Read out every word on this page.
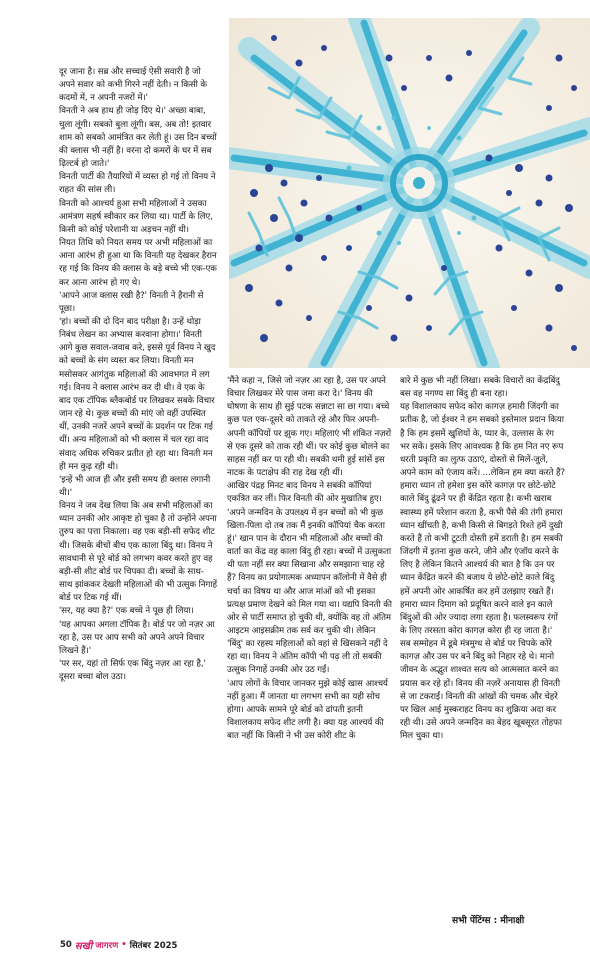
दूर जाना है। सब्र और सच्चाई ऐसी सवारी है जो अपने सवार को कभी गिरने नहीं देती। न किसी के कदमों में, न अपनी नजरों में।'

विनती ने अब हाथ ही जोड़ दिए थे।' अच्छा बाबा, चुला लूंगी। सबको बुला लूंगी। बस, अब तो! इतवार शाम को सबको आमंत्रित कर लेती हूं। उस दिन बच्चों की क्लास भी नहीं है। वरना दो कमरों के घर में सब ढ़िल्टर्ब हो जाते।'

विनती पार्टी की तैयारियों में व्यस्त हो गई तो विनय ने राहत की सांस ली।

विनती को आश्चर्य हुआ सभी महिलाओं ने उसका आमंत्रण सहर्ष स्वीकार कर लिया था। पार्टी के लिए, किसी को कोई परेशानी या अड़चन नहीं थी।

नियत तिथि को नियत समय पर अभी महिलाओं का आना आरंभ ही हुआ था कि विनती यह देखकर हैरान रह गई कि विनय की क्लास के बड़े बच्चे भी एक-एक कर आना आरंभ हो गए थे।

'आपने आज क्लास रखी है?' विनती ने हैरानी से पूछा।

'हां। बच्चों की दो दिन बाद परीक्षा है। उन्हें थोड़ा निबंध लेखन का अभ्यास करवाना होगा।' विनती आगे कुछ सवाल-जवाब करे, इससे पूर्व विनय ने खुद को बच्चों के संग व्यस्त कर लिया। विनती मन मसोसकर आगंतुक महिलाओं की आवभगत में लग गई। विनय ने क्लास आरंभ कर दी थी। वे एक के बाद एक टॉपिक ब्लैकबोर्ड पर लिखकर सबके विचार जान रहे थे। कुछ बच्चों की मांएं जो वहीं उपस्थित थीं, उनकी नजरें अपने बच्चों के प्रदर्शन पर टिक गई थीं। अन्य महिलाओं को भी क्लास में चल रहा वाद संवाद अधिक रुचिकर प्रतीत हो रहा था। विनती मन ही मन कुढ़ रही थी।

'इन्हें भी आज ही और इसी समय ही क्लास लगानी थी।'

विनय ने जब देख लिया कि अब सभी महिलाओं का ध्यान उनकी ओर आकृष्ट हो चुका है तो उन्होंने अपना तुरुप का पत्ता निकाला। वह एक बड़ी-सी सफेद शीट थी। जिसके बीचों बीच एक काला बिंदु था। विनय ने सावधानी से पूरे बोर्ड को लगभग कवर करते हुए वह बड़ी-सी शीट बोर्ड पर चिपका दी। बच्चों के साथ-साथ झांककर देखती महिलाओं की भी उत्सुक निगाहें बोर्ड पर टिक गई थीं।

'सर, यह क्या है?' एक बच्चे ने पूछ ही लिया।

'यह आपका अगला टॉपिक है। बोर्ड पर जो नज़र आ रहा है, उस पर आप सभी को अपने अपने विचार लिखने हैं।'

'पर सर, यहां तो सिर्फ एक बिंदु नज़र आ रहा है,' दूसरा बच्चा बोल उठा।

'मैंने कहा न, जिसे जो नज़र आ रहा है, उस पर अपने विचार लिखकर मेरे पास जमा करा दे।' विनय की घोषणा के साथ ही सुई पटक सन्नाटा सा छा गया। बच्चे कुछ पल एक-दूसरे को ताकते रहे और फिर अपनी-अपनी कॉपियों पर झुक गए। महिलाएं भी शंकित नज़रों से एक दूसरे को ताक रही थीं। पर कोई कुछ बोलने का साहस नहीं कर पा रही थी। सबकी थमी हुई सांसें इस नाटक के पटाक्षेप की राह देख रही थीं।

आखिर पंद्रह मिनट बाद विनय ने सबकी कॉपियां एकत्रित कर लीं। फिर विनती की ओर मुखातिब हुए।

'अपने जन्मदिन के उपलक्ष्य में इन बच्चों को भी कुछ खिला-पिला दो तब तक मैं इनकी कॉपियां चैक करता हूं।' खान पान के दौरान भी महिलाओं और बच्चों की वार्ता का केंद्र वह काला बिंदु ही रहा। बच्चों में उत्सुकता थी पता नहीं सर क्या सिखाना और समझाना चाह रहे हैं? विनय का प्रयोगात्मक अध्यापन कॉलोनी में वैसे ही चर्चा का विषय था और आज मांओं को भी इसका प्रत्यक्ष प्रमाण देखने को मिल गया था। यद्यपि विनती की ओर से पार्टी समाप्त हो चुकी थी, क्योंकि वह तो अंतिम आइटम आइसक्रीम तक सर्व कर चुकी थी। लेकिन 'बिंदु' का रहस्य महिलाओं को वहां से खिसकने नहीं दे रहा था। विनय ने अंतिम कॉपी भी पढ़ ली तो सबकी उत्सुक निगाहें उनकी ओर उठ गईं।

'आप लोगों के विचार जानकर मुझे कोई खास आश्चर्य नहीं हुआ। मैं जानता था लगभग सभी का यही सोच होगा। आपके सामने पूरे बोर्ड को ढांपती इतनी विशालकाय सफेद शीट लगी है। क्या यह आश्चर्य की बात नहीं कि किसी ने भी उस कोरी शीट के

बारे में कुछ भी नहीं लिखा। सबके विचारों का केंद्रबिंदु बस वह नगण्य सा बिंदु ही बना रहा।

यह विशालकाय सफेद कोरा कागज़ हमारी जिंदगी का प्रतीक है, जो ईश्वर ने हम सबको इस्तेमाल प्रदान किया है कि हम इसमें खुशियों के, प्यार के, उल्लास के रंग भर सकें। इसके लिए आवश्यक है कि हम नित नए रूप धरती प्रकृति का लुत्फ उठाएं, दोस्तों से मिलें-जुलें, अपने काम को एंजाय करें। ...लेकिन हम क्या करते हैं? हमारा ध्यान तो हमेशा इस कोरे कागज़ पर छोटे-छोटे काले बिंदु ढूंढने पर ही केंद्रित रहता है। कभी खराब स्वास्थ्य हमें परेशान करता है, कभी पैसे की तंगी हमारा ध्यान खींचती है, कभी किसी से बिगड़ते रिश्ते हमें दुखी करते हैं तो कभी टूटती दोस्ती हमें डराती है। हम सबकी जिंदगी में इतना कुछ करने, जीने और एंजॉय करने के लिए है लेकिन कितने आश्चर्य की बात है कि उन पर ध्यान केंद्रित करने की बजाय ये छोटे-छोटे काले बिंदु हमें अपनी ओर आकर्षित कर हमें उलझाए रखते हैं। हमारा ध्यान दिमाग को प्रदूषित करने वाले इन काले बिंदुओं की ओर ज्यादा लगा रहता है। फलस्वरूप रंगों के लिए तरसता कोरा कागज़ कोरा ही रह जाता है।'

सब सम्मोहन में डूबे मंत्रमुग्ध से बोर्ड पर चिपके कोरे कागज़ और उस पर बने बिंदु को निहार रहे थे। मानो जीवन के अद्भुत शाश्वत सत्य को आत्मसात करने का प्रयास कर रहे हों। विनय की नज़रें अनायास ही विनती से जा टकराईं। विनती की आंखों की चमक और चेहरे पर खिल आई मुस्कराहट विनय का शुक्रिया अदा कर रही थी। उसे अपने जन्मदिन का बेहद खूबसूरत तोहफा मिल चुका था।

सभी पेंटिंग्स : मीनाक्षी
50 सखी जागरण • सितंबर 2025
